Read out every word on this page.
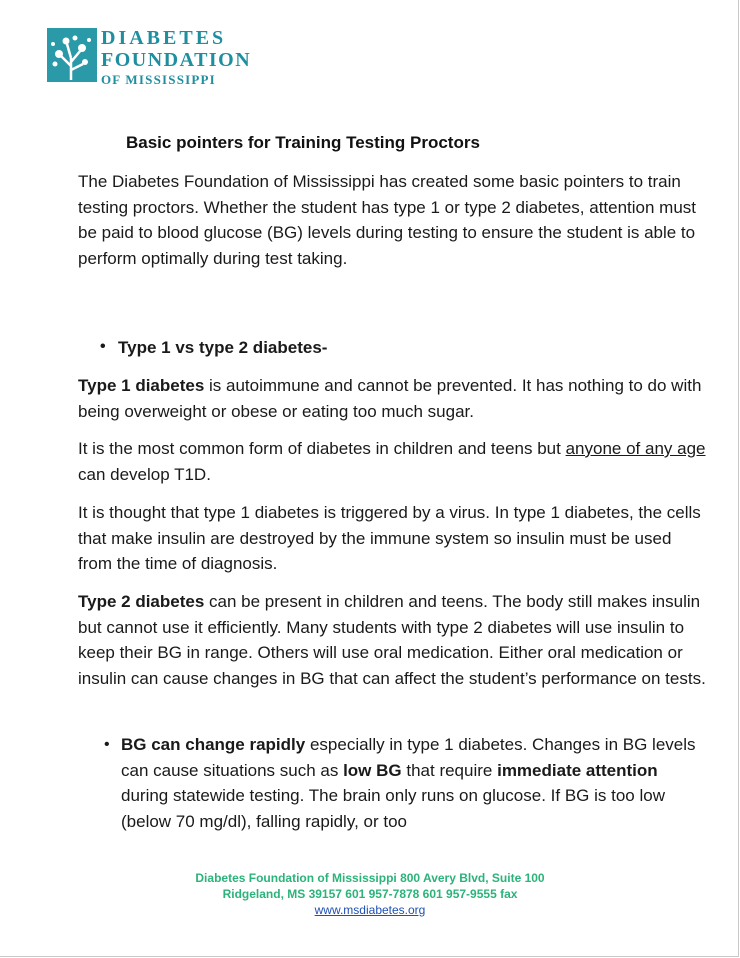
DIABETES
FOUNDATION
OF MISSISSIPPI
Basic pointers for Training Testing Proctors

The Diabetes Foundation of Mississippi has created some basic pointers to train testing proctors. Whether the student has type 1 or type 2 diabetes, attention must be paid to blood glucose (BG) levels during testing to ensure the student is able to perform optimally during test taking.

• Type 1 vs type 2 diabetes-

Type 1 diabetes is autoimmune and cannot be prevented. It has nothing to do with being overweight or obese or eating too much sugar.

It is the most common form of diabetes in children and teens but anyone of any age can develop T1D.

It is thought that type 1 diabetes is triggered by a virus. In type 1 diabetes, the cells that make insulin are destroyed by the immune system so insulin must be used from the time of diagnosis.

Type 2 diabetes can be present in children and teens. The body still makes insulin but cannot use it efficiently. Many students with type 2 diabetes will use insulin to keep their BG in range. Others will use oral medication. Either oral medication or insulin can cause changes in BG that can affect the student’s performance on tests.

• BG can change rapidly especially in type 1 diabetes. Changes in BG levels can cause situations such as low BG that require immediate attention during statewide testing. The brain only runs on glucose. If BG is too low (below 70 mg/dl), falling rapidly, or too
Diabetes Foundation of Mississippi 800 Avery Blvd, Suite 100
Ridgeland, MS 39157 601 957-7878 601 957-9555 fax
www.msdiabetes.org
